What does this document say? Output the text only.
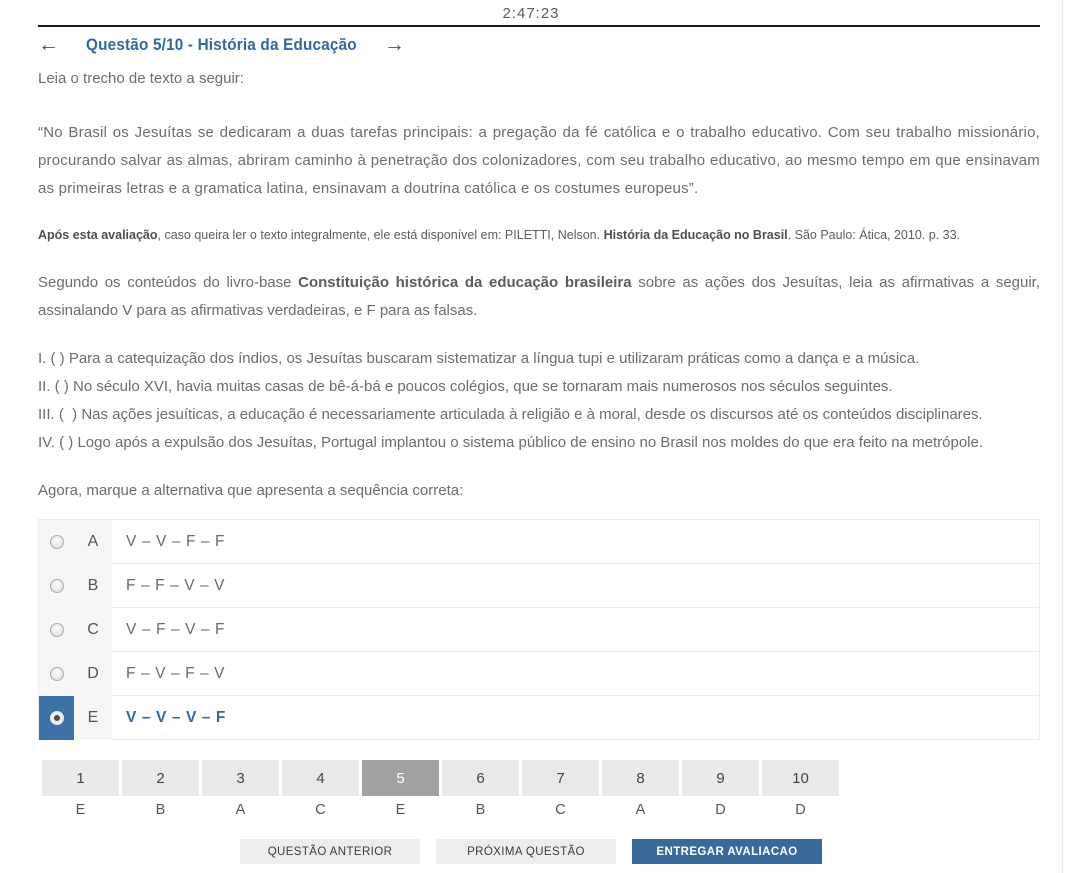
2:47:23
← Questão 5/10 - História da Educação →

Leia o trecho de texto a seguir:

“No Brasil os Jesuítas se dedicaram a duas tarefas principais: a pregação da fé católica e o trabalho educativo. Com seu trabalho missionário, procurando salvar as almas, abriram caminho à penetração dos colonizadores, com seu trabalho educativo, ao mesmo tempo em que ensinavam as primeiras letras e a gramatica latina, ensinavam a doutrina católica e os costumes europeus”.

Após esta avaliação, caso queira ler o texto integralmente, ele está disponível em: PILETTI, Nelson. História da Educação no Brasil. São Paulo: Ática, 2010. p. 33.

Segundo os conteúdos do livro-base Constituição histórica da educação brasileira sobre as ações dos Jesuítas, leia as afirmativas a seguir, assinalando V para as afirmativas verdadeiras, e F para as falsas.

I. ( ) Para a catequização dos índios, os Jesuítas buscaram sistematizar a língua tupi e utilizaram práticas como a dança e a música.
II. ( ) No século XVI, havia muitas casas de bê-á-bá e poucos colégios, que se tornaram mais numerosos nos séculos seguintes.
III. (  ) Nas ações jesuíticas, a educação é necessariamente articulada à religião e à moral, desde os discursos até os conteúdos disciplinares.
IV. ( ) Logo após a expulsão dos Jesuítas, Portugal implantou o sistema público de ensino no Brasil nos moldes do que era feito na metrópole.

Agora, marque a alternativa que apresenta a sequência correta:

A	V – V – F – F
B	F – F – V – V
C	V – F – V – F
D	F – V – F – V
E	V – V – V – F
1	2	3	4	5	6	7	8	9	10
E	B	A	C	E	B	C	A	D	D
QUESTÃO ANTERIOR	PRÓXIMA QUESTÃO	ENTREGAR AVALIACAO
